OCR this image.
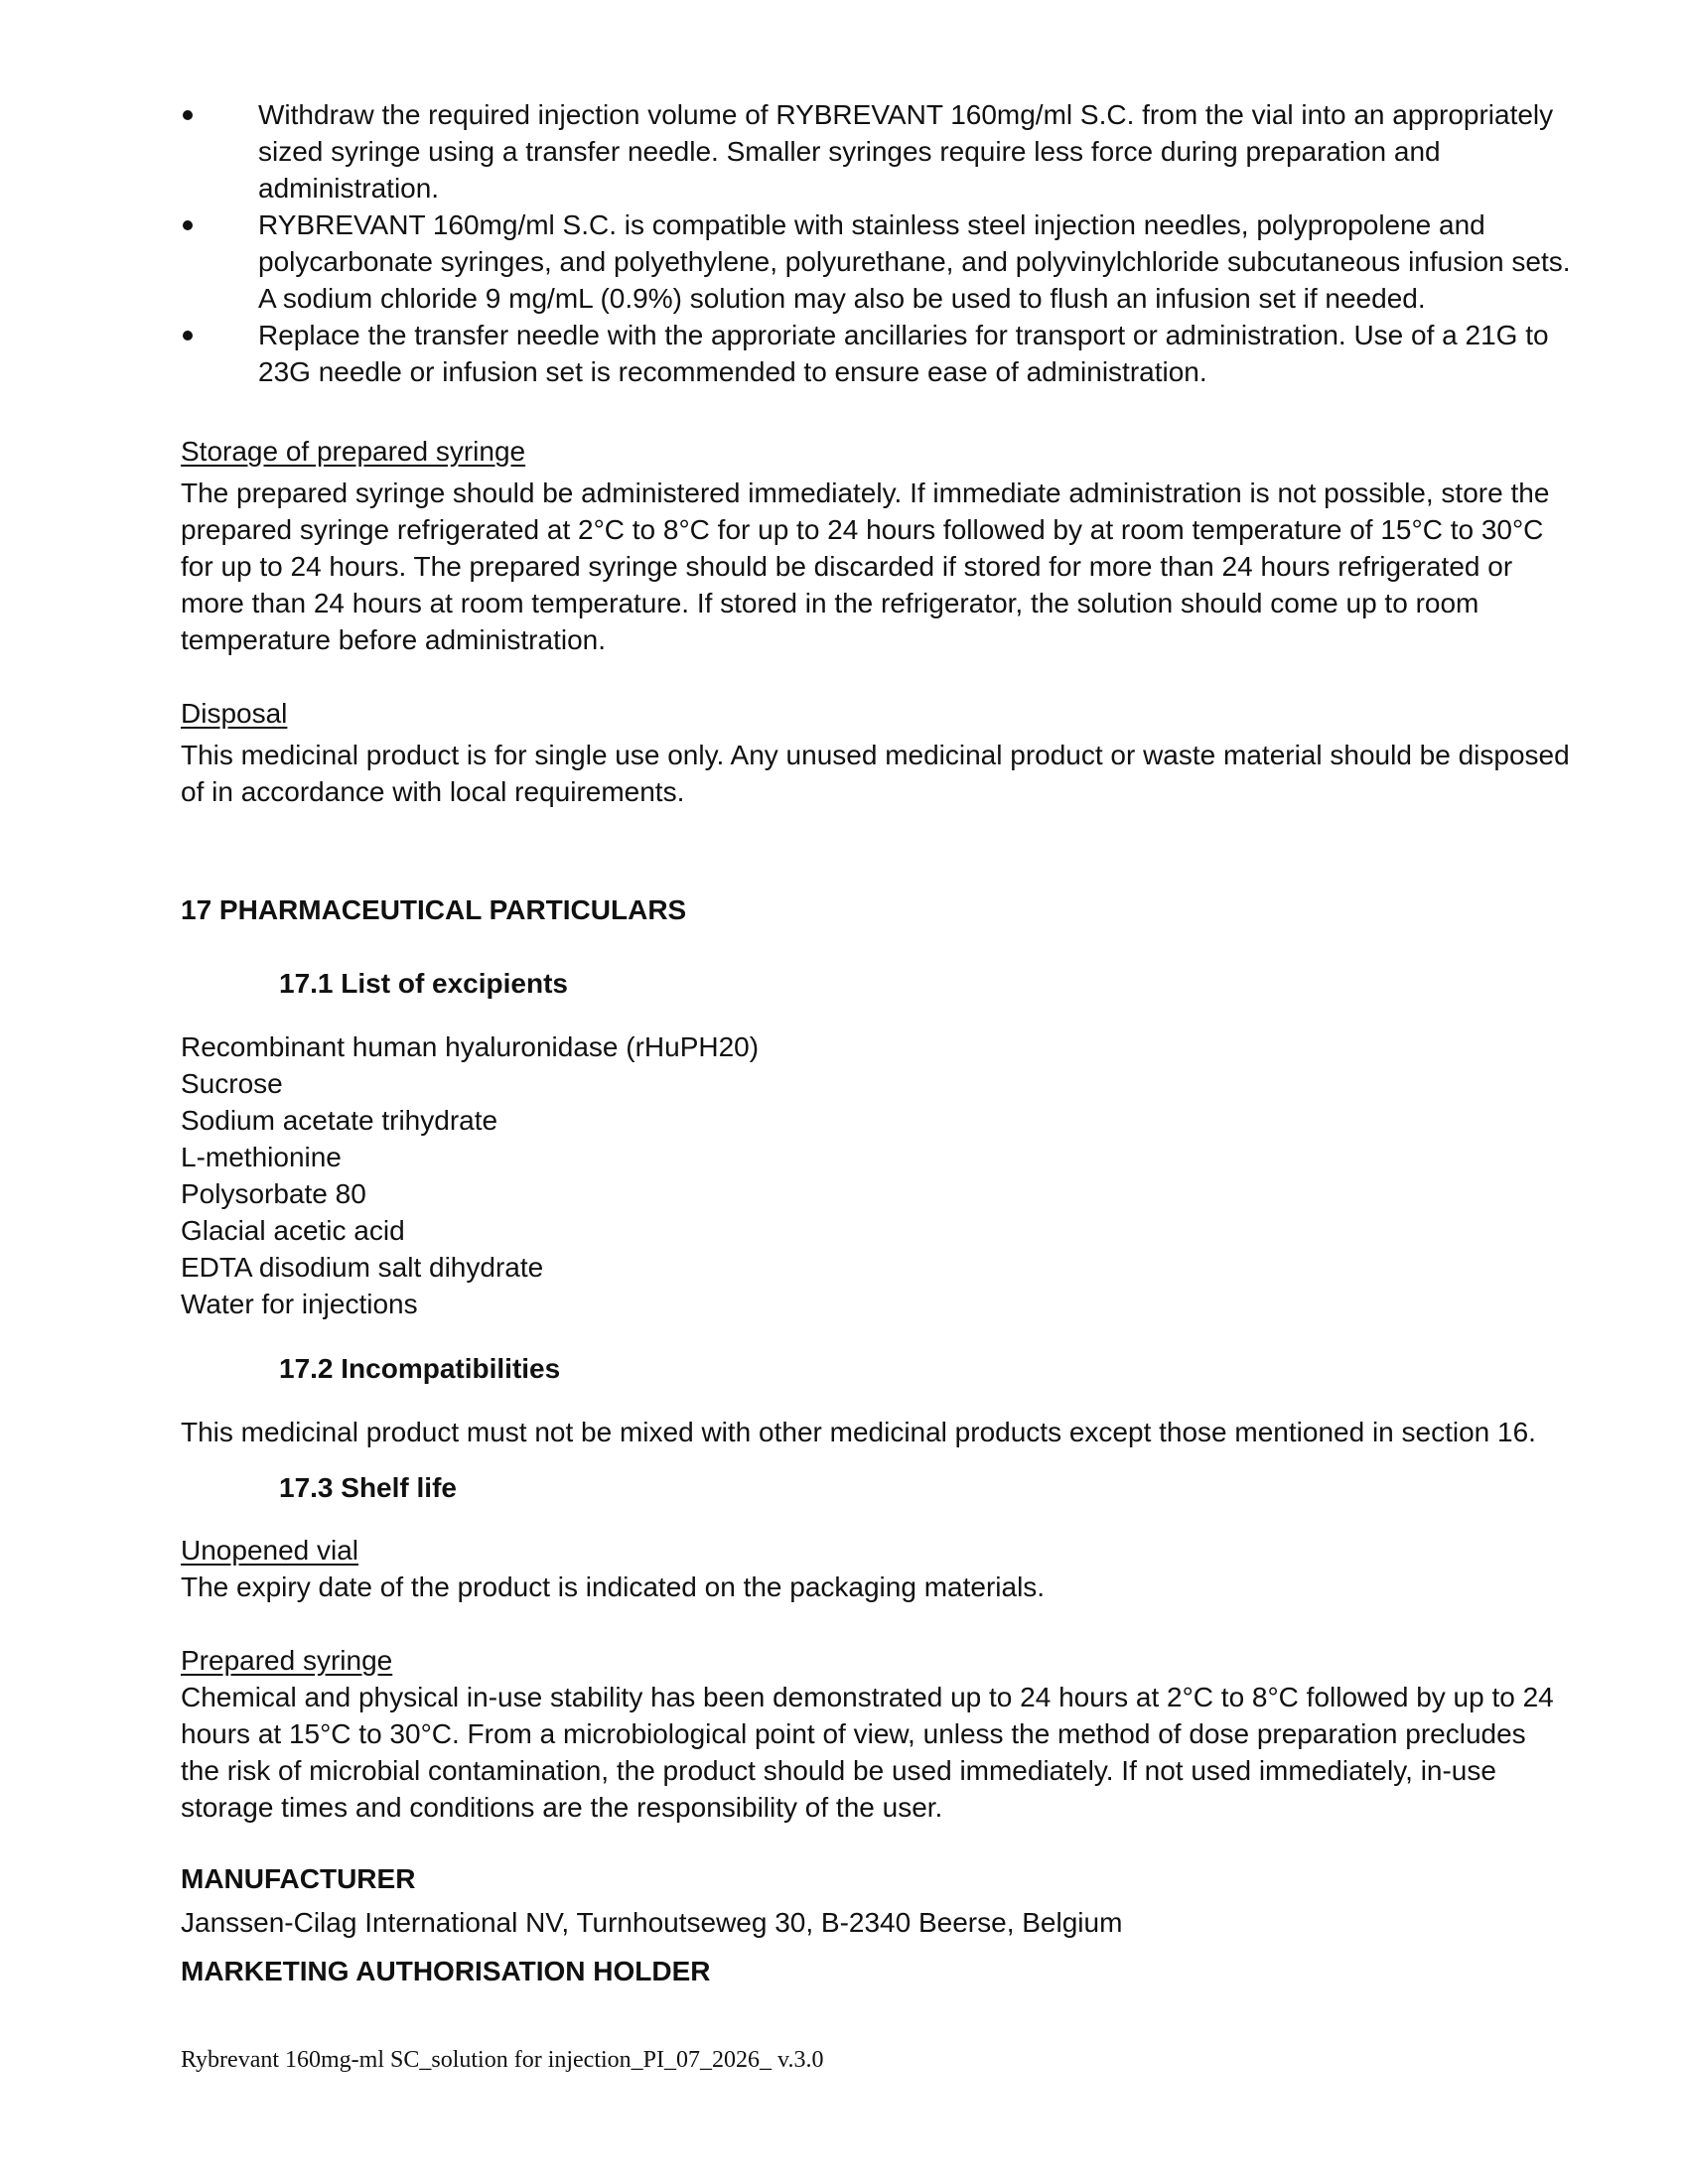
Withdraw the required injection volume of RYBREVANT 160mg/ml S.C. from the vial into an appropriately sized syringe using a transfer needle. Smaller syringes require less force during preparation and administration.
RYBREVANT 160mg/ml S.C. is compatible with stainless steel injection needles, polypropolene and polycarbonate syringes, and polyethylene, polyurethane, and polyvinylchloride subcutaneous infusion sets. A sodium chloride 9 mg/mL (0.9%) solution may also be used to flush an infusion set if needed.
Replace the transfer needle with the approriate ancillaries for transport or administration. Use of a 21G to 23G needle or infusion set is recommended to ensure ease of administration.
Storage of prepared syringe
The prepared syringe should be administered immediately. If immediate administration is not possible, store the prepared syringe refrigerated at 2°C to 8°C for up to 24 hours followed by at room temperature of 15°C to 30°C for up to 24 hours. The prepared syringe should be discarded if stored for more than 24 hours refrigerated or more than 24 hours at room temperature. If stored in the refrigerator, the solution should come up to room temperature before administration.
Disposal
This medicinal product is for single use only. Any unused medicinal product or waste material should be disposed of in accordance with local requirements.
17 PHARMACEUTICAL PARTICULARS
17.1 List of excipients
Recombinant human hyaluronidase (rHuPH20)
Sucrose
Sodium acetate trihydrate
L-methionine
Polysorbate 80
Glacial acetic acid
EDTA disodium salt dihydrate
Water for injections
17.2 Incompatibilities
This medicinal product must not be mixed with other medicinal products except those mentioned in section 16.
17.3 Shelf life
Unopened vial
The expiry date of the product is indicated on the packaging materials.
Prepared syringe
Chemical and physical in-use stability has been demonstrated up to 24 hours at 2°C to 8°C followed by up to 24 hours at 15°C to 30°C. From a microbiological point of view, unless the method of dose preparation precludes the risk of microbial contamination, the product should be used immediately. If not used immediately, in-use storage times and conditions are the responsibility of the user.
MANUFACTURER
Janssen-Cilag International NV, Turnhoutseweg 30, B-2340 Beerse, Belgium
MARKETING AUTHORISATION HOLDER
Rybrevant 160mg-ml SC_solution for injection_PI_07_2026_ v.3.0
